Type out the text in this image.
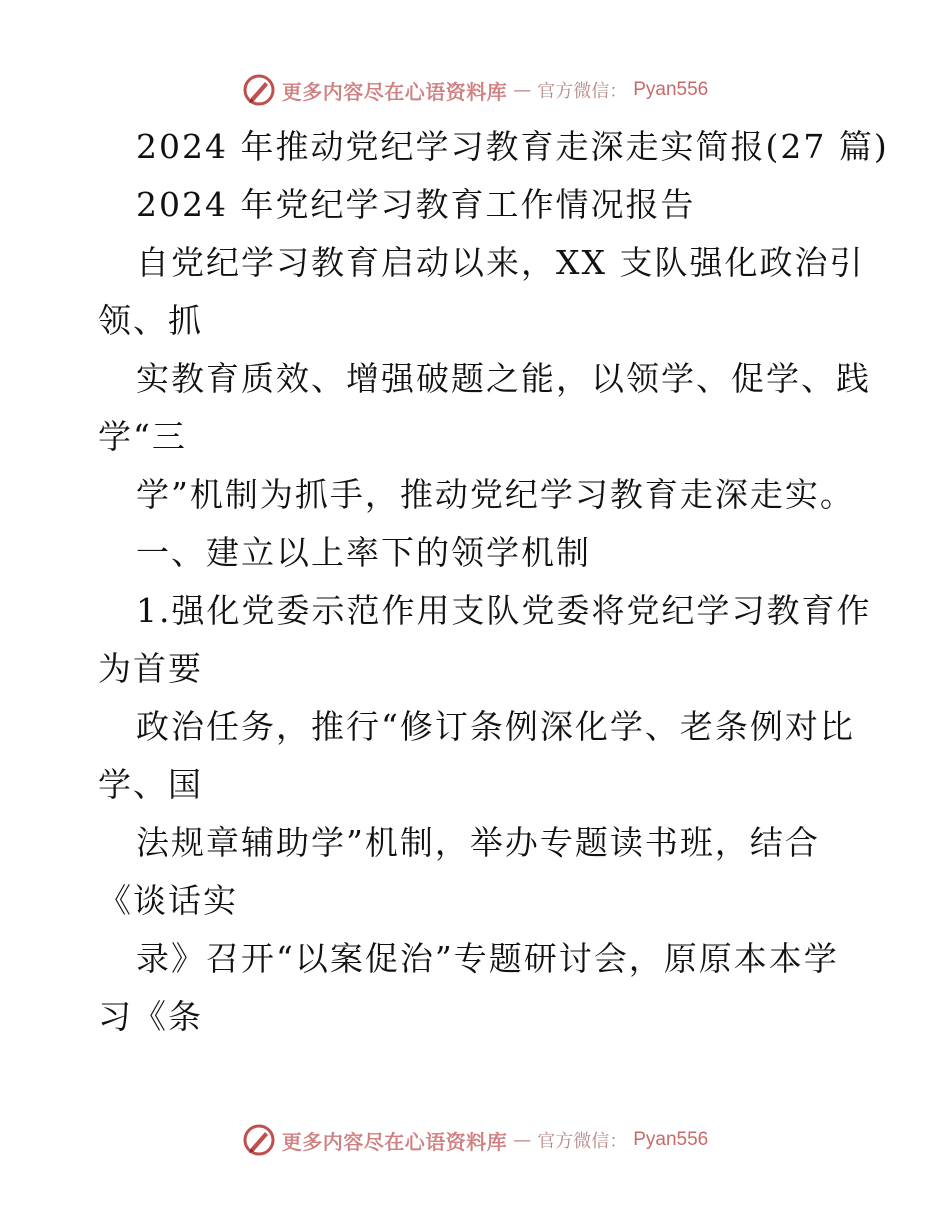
更多内容尽在心语资料库 — 官方微信： Pyan556
2024 年推动党纪学习教育走深走实简报(27 篇)
2024 年党纪学习教育工作情况报告
自党纪学习教育启动以来，XX 支队强化政治引
领、抓
实教育质效、增强破题之能，以领学、促学、践
学“三
学”机制为抓手，推动党纪学习教育走深走实。
一、建立以上率下的领学机制
1.强化党委示范作用支队党委将党纪学习教育作
为首要
政治任务，推行“修订条例深化学、老条例对比
学、国
法规章辅助学”机制，举办专题读书班，结合
《谈话实
录》召开“以案促治”专题研讨会，原原本本学
习《条
更多内容尽在心语资料库 — 官方微信： Pyan556
